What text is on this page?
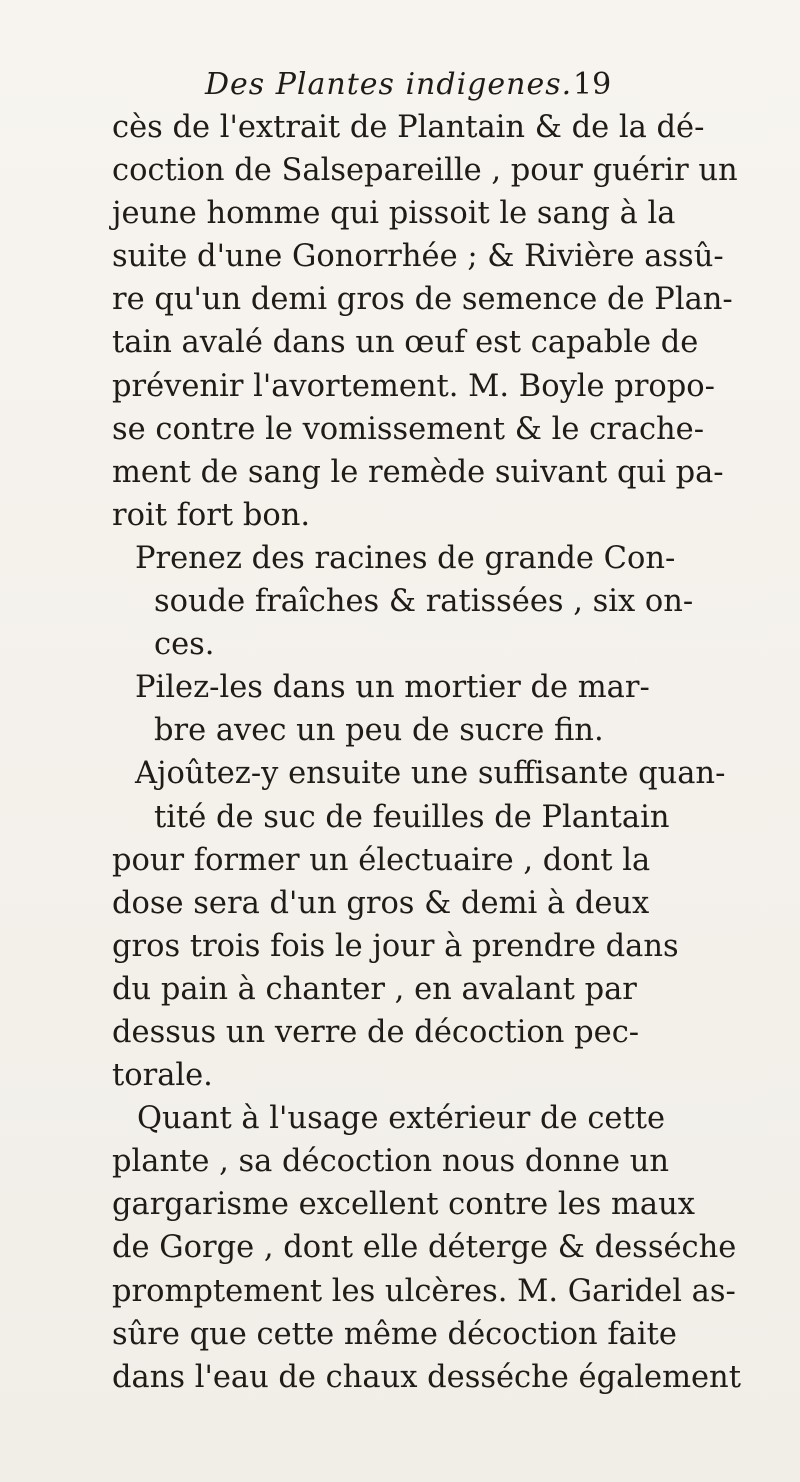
Des Plantes indigenes. 19
cès de l'extrait de Plantain & de la dé-
coction de Salsepareille , pour guérir un
jeune homme qui pissoit le sang à la
suite d'une Gonorrhée ; & Rivière assû-
re qu'un demi gros de semence de Plan-
tain avalé dans un œuf est capable de
prévenir l'avortement. M. Boyle propo-
se contre le vomissement & le crache-
ment de sang le remède suivant qui pa-
roit fort bon.
Prenez des racines de grande Con-
soude fraîches & ratissées , six on-
ces.
Pilez-les dans un mortier de mar-
bre avec un peu de sucre fin.
Ajoûtez-y ensuite une suffisante quan-
tité de suc de feuilles de Plantain
pour former un électuaire , dont la
dose sera d'un gros & demi à deux
gros trois fois le jour à prendre dans
du pain à chanter , en avalant par
dessus un verre de décoction pec-
torale.
Quant à l'usage extérieur de cette
plante , sa décoction nous donne un
gargarisme excellent contre les maux
de Gorge , dont elle déterge & desséche
promptement les ulcères. M. Garidel as-
sûre que cette même décoction faite
dans l'eau de chaux desséche également
